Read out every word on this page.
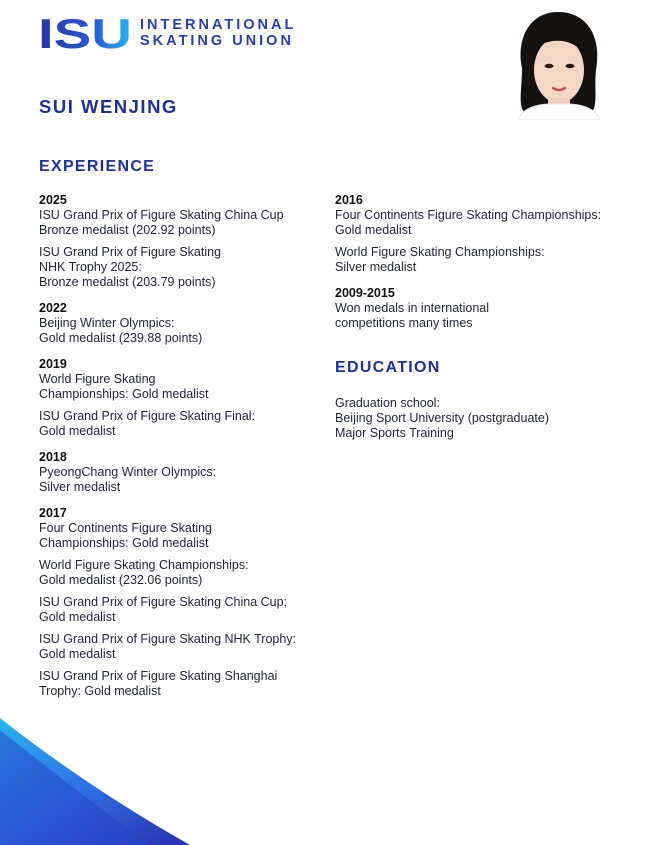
ISU INTERNATIONAL
SKATING UNION
SUI WENJING
EXPERIENCE
2025
ISU Grand Prix of Figure Skating China Cup
Bronze medalist (202.92 points)
ISU Grand Prix of Figure Skating
NHK Trophy 2025:
Bronze medalist (203.79 points)
2022
Beijing Winter Olympics:
Gold medalist (239.88 points)
2019
World Figure Skating
Championships: Gold medalist
ISU Grand Prix of Figure Skating Final:
Gold medalist
2018
PyeongChang Winter Olympics:
Silver medalist
2017
Four Continents Figure Skating
Championships: Gold medalist
World Figure Skating Championships:
Gold medalist (232.06 points)
ISU Grand Prix of Figure Skating China Cup;
Gold medalist
ISU Grand Prix of Figure Skating NHK Trophy:
Gold medalist
ISU Grand Prix of Figure Skating Shanghai
Trophy: Gold medalist
2016
Four Continents Figure Skating Championships:
Gold medalist
World Figure Skating Championships:
Silver medalist
2009-2015
Won medals in international
competitions many times
EDUCATION
Graduation school:
Beijing Sport University (postgraduate)
Major Sports Training
